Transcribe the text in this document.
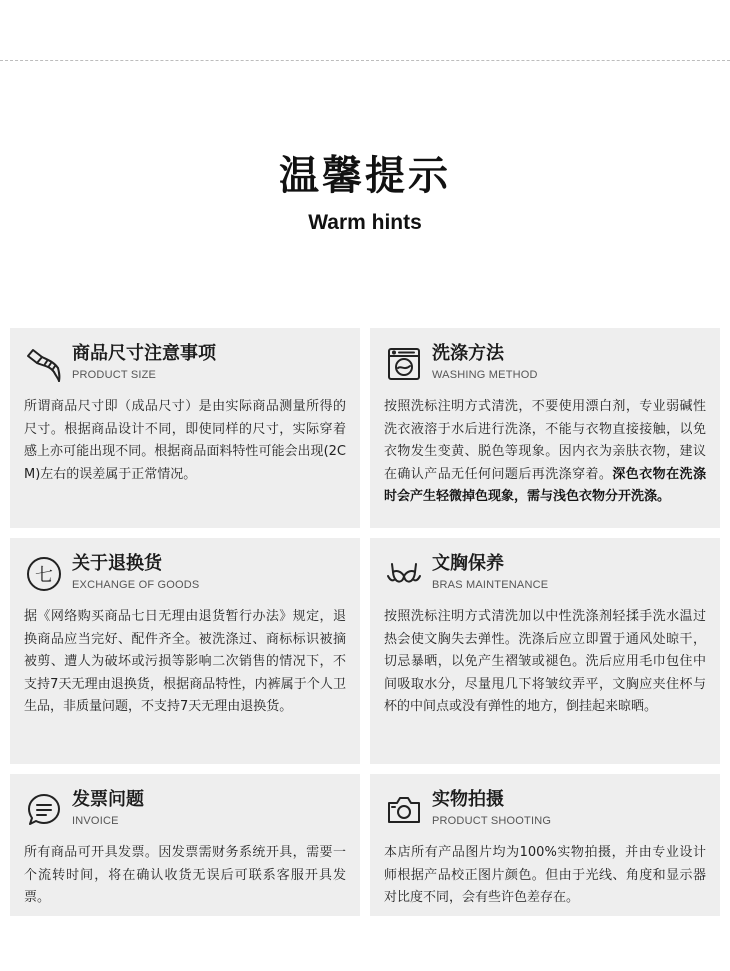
温馨提示
Warm hints
商品尺寸注意事项
PRODUCT SIZE
所谓商品尺寸即（成品尺寸）是由实际商品测量所得的尺寸。根据商品设计不同，即使同样的尺寸，实际穿着感上亦可能出现不同。根据商品面料特性可能会出现(2CM)左右的误差属于正常情况。
洗涤方法
WASHING METHOD
按照洗标注明方式清洗，不要使用漂白剂，专业弱碱性洗衣液溶于水后进行洗涤，不能与衣物直接接触，以免衣物发生变黄、脱色等现象。因内衣为亲肤衣物，建议在确认产品无任何问题后再洗涤穿着。深色衣物在洗涤时会产生轻微掉色现象，需与浅色衣物分开洗涤。
七
关于退换货
EXCHANGE OF GOODS
据《网络购买商品七日无理由退货暂行办法》规定，退换商品应当完好、配件齐全。被洗涤过、商标标识被摘被剪、遭人为破坏或污损等影响二次销售的情况下，不支持7天无理由退换货，根据商品特性，内裤属于个人卫生品，非质量问题，不支持7天无理由退换货。
文胸保养
BRAS MAINTENANCE
按照洗标注明方式清洗加以中性洗涤剂轻揉手洗水温过热会使文胸失去弹性。洗涤后应立即置于通风处晾干，切忌暴晒，以免产生褶皱或褪色。洗后应用毛巾包住中间吸取水分，尽量甩几下将皱纹弄平，文胸应夹住杯与杯的中间点或没有弹性的地方，倒挂起来晾晒。
发票问题
INVOICE
所有商品可开具发票。因发票需财务系统开具，需要一个流转时间，将在确认收货无误后可联系客服开具发票。
实物拍摄
PRODUCT SHOOTING
本店所有产品图片均为100%实物拍摄，并由专业设计师根据产品校正图片颜色。但由于光线、角度和显示器对比度不同，会有些许色差存在。
